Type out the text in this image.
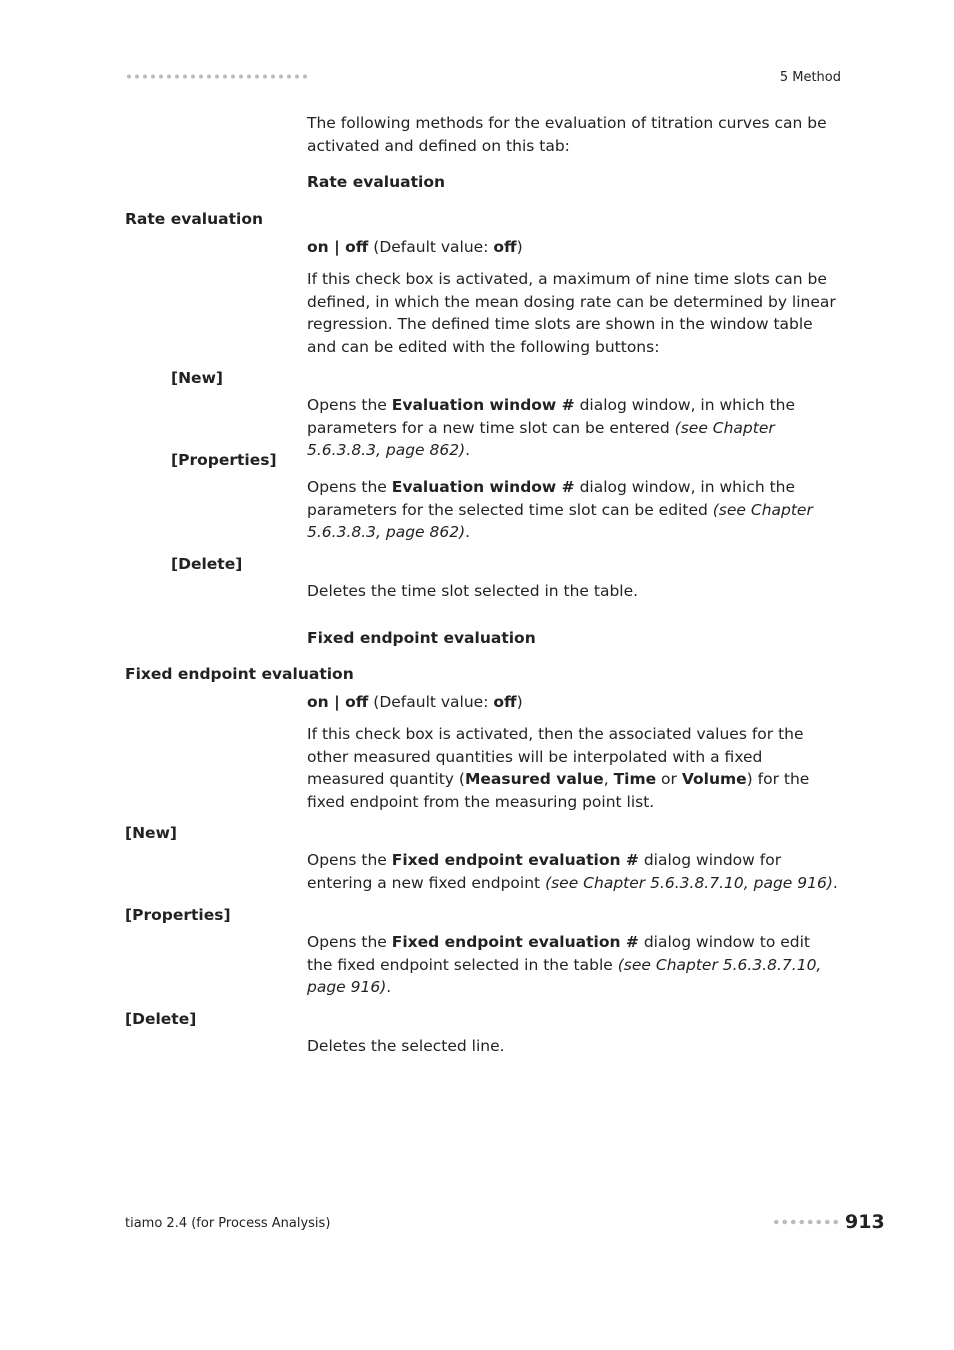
5 Method

The following methods for the evaluation of titration curves can be activated and defined on this tab:

Rate evaluation
Rate evaluation

on | off (Default value: off)

If this check box is activated, a maximum of nine time slots can be defined, in which the mean dosing rate can be determined by linear regression. The defined time slots are shown in the window table and can be edited with the following buttons:

[New]

Opens the Evaluation window # dialog window, in which the parameters for a new time slot can be entered (see Chapter 5.6.3.8.3, page 862).

[Properties]

Opens the Evaluation window # dialog window, in which the parameters for the selected time slot can be edited (see Chapter 5.6.3.8.3, page 862).

[Delete]

Deletes the time slot selected in the table.

Fixed endpoint evaluation
Fixed endpoint evaluation

on | off (Default value: off)

If this check box is activated, then the associated values for the other measured quantities will be interpolated with a fixed measured quantity (Measured value, Time or Volume) for the fixed endpoint from the measuring point list.

[New]

Opens the Fixed endpoint evaluation # dialog window for entering a new fixed endpoint (see Chapter 5.6.3.8.7.10, page 916).

[Properties]

Opens the Fixed endpoint evaluation # dialog window to edit the fixed endpoint selected in the table (see Chapter 5.6.3.8.7.10, page 916).

[Delete]

Deletes the selected line.

tiamo 2.4 (for Process Analysis)	913
